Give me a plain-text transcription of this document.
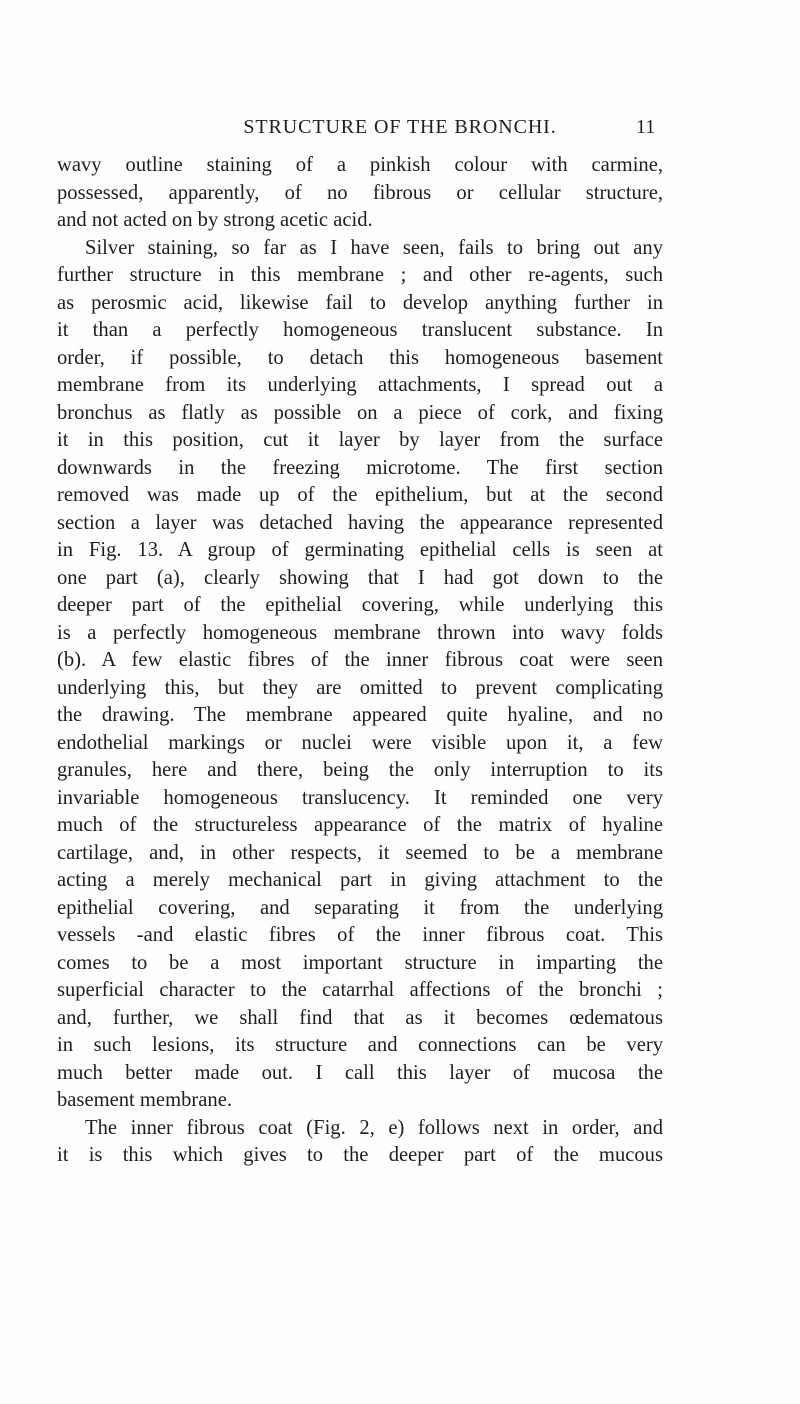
STRUCTURE OF THE BRONCHI.	11
wavy outline staining of a pinkish colour with carmine,
possessed, apparently, of no fibrous or cellular structure,
and not acted on by strong acetic acid.
Silver staining, so far as I have seen, fails to bring out any
further structure in this membrane ; and other re-agents, such
as perosmic acid, likewise fail to develop anything further in
it than a perfectly homogeneous translucent substance. In
order, if possible, to detach this homogeneous basement
membrane from its underlying attachments, I spread out a
bronchus as flatly as possible on a piece of cork, and fixing
it in this position, cut it layer by layer from the surface
downwards in the freezing microtome. The first section
removed was made up of the epithelium, but at the second
section a layer was detached having the appearance represented
in Fig. 13. A group of germinating epithelial cells is seen at
one part (a), clearly showing that I had got down to the
deeper part of the epithelial covering, while underlying this
is a perfectly homogeneous membrane thrown into wavy folds
(b). A few elastic fibres of the inner fibrous coat were seen
underlying this, but they are omitted to prevent complicating
the drawing. The membrane appeared quite hyaline, and no
endothelial markings or nuclei were visible upon it, a few
granules, here and there, being the only interruption to its
invariable homogeneous translucency. It reminded one very
much of the structureless appearance of the matrix of hyaline
cartilage, and, in other respects, it seemed to be a membrane
acting a merely mechanical part in giving attachment to the
epithelial covering, and separating it from the underlying
vessels -and elastic fibres of the inner fibrous coat. This
comes to be a most important structure in imparting the
superficial character to the catarrhal affections of the bronchi ;
and, further, we shall find that as it becomes œdematous
in such lesions, its structure and connections can be very
much better made out. I call this layer of mucosa the
basement membrane.
The inner fibrous coat (Fig. 2, e) follows next in order, and
it is this which gives to the deeper part of the mucous
